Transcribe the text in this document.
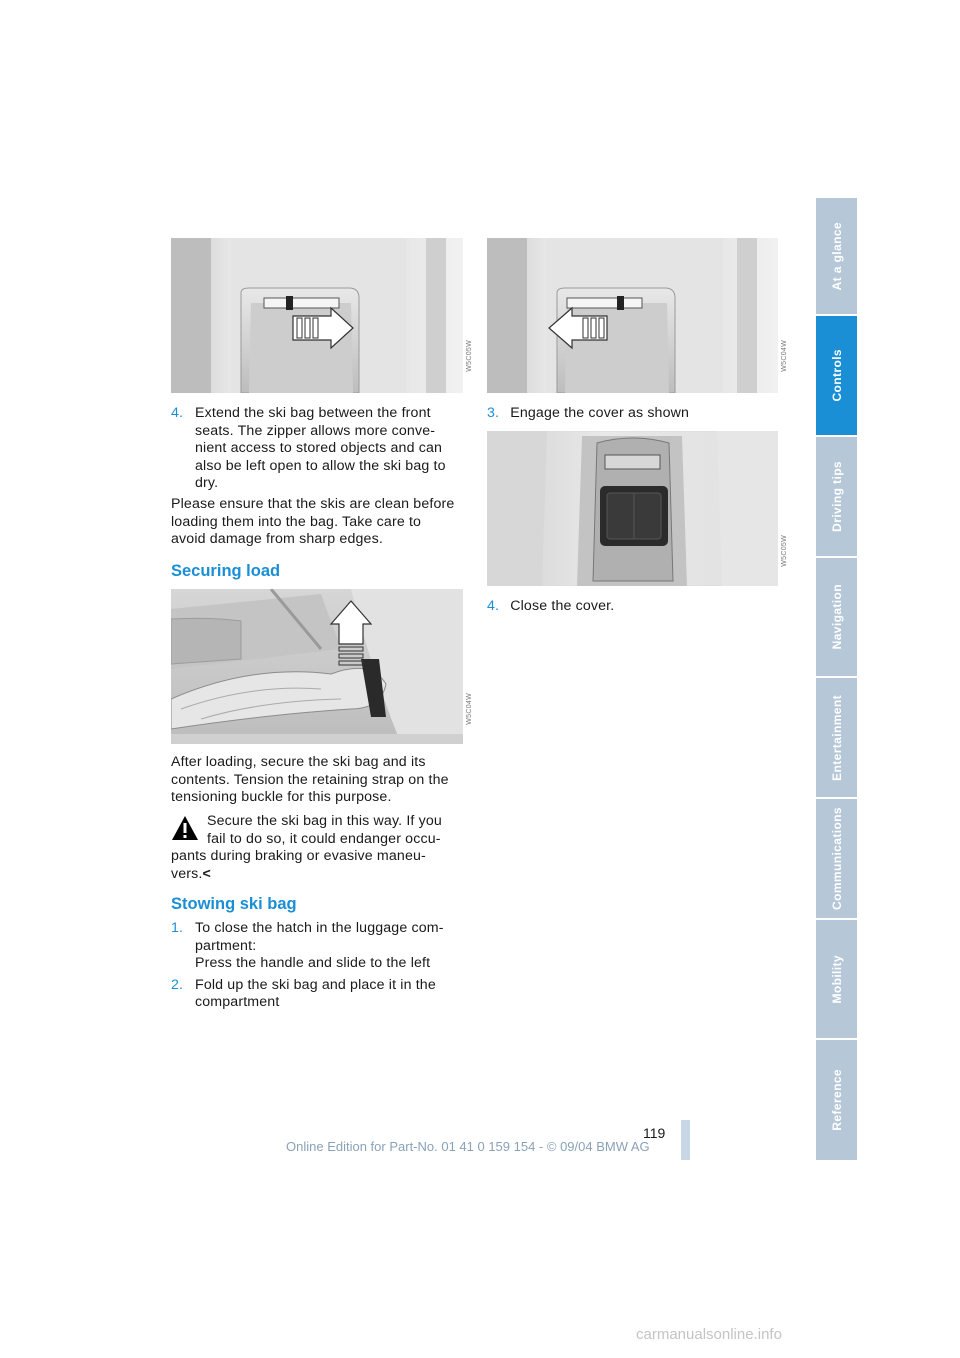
W5C05W	W5C04W
4. Extend the ski bag between the front
seats. The zipper allows more conve-
nient access to stored objects and can
also be left open to allow the ski bag to
dry.
Please ensure that the skis are clean before
loading them into the bag. Take care to
avoid damage from sharp edges.
Securing load
W5C04W
After loading, secure the ski bag and its
contents. Tension the retaining strap on the
tensioning buckle for this purpose.
Secure the ski bag in this way. If you
fail to do so, it could endanger occu-
pants during braking or evasive maneu-
vers.<
Stowing ski bag
1. To close the hatch in the luggage com-
partment:
Press the handle and slide to the left
2. Fold up the ski bag and place it in the
compartment
3. Engage the cover as shown
W5C05W
4. Close the cover.
At a glance
Controls
Driving tips
Navigation
Entertainment
Communications
Mobility
Reference
119
Online Edition for Part-No. 01 41 0 159 154 - © 09/04 BMW AG
carmanualsonline.info
